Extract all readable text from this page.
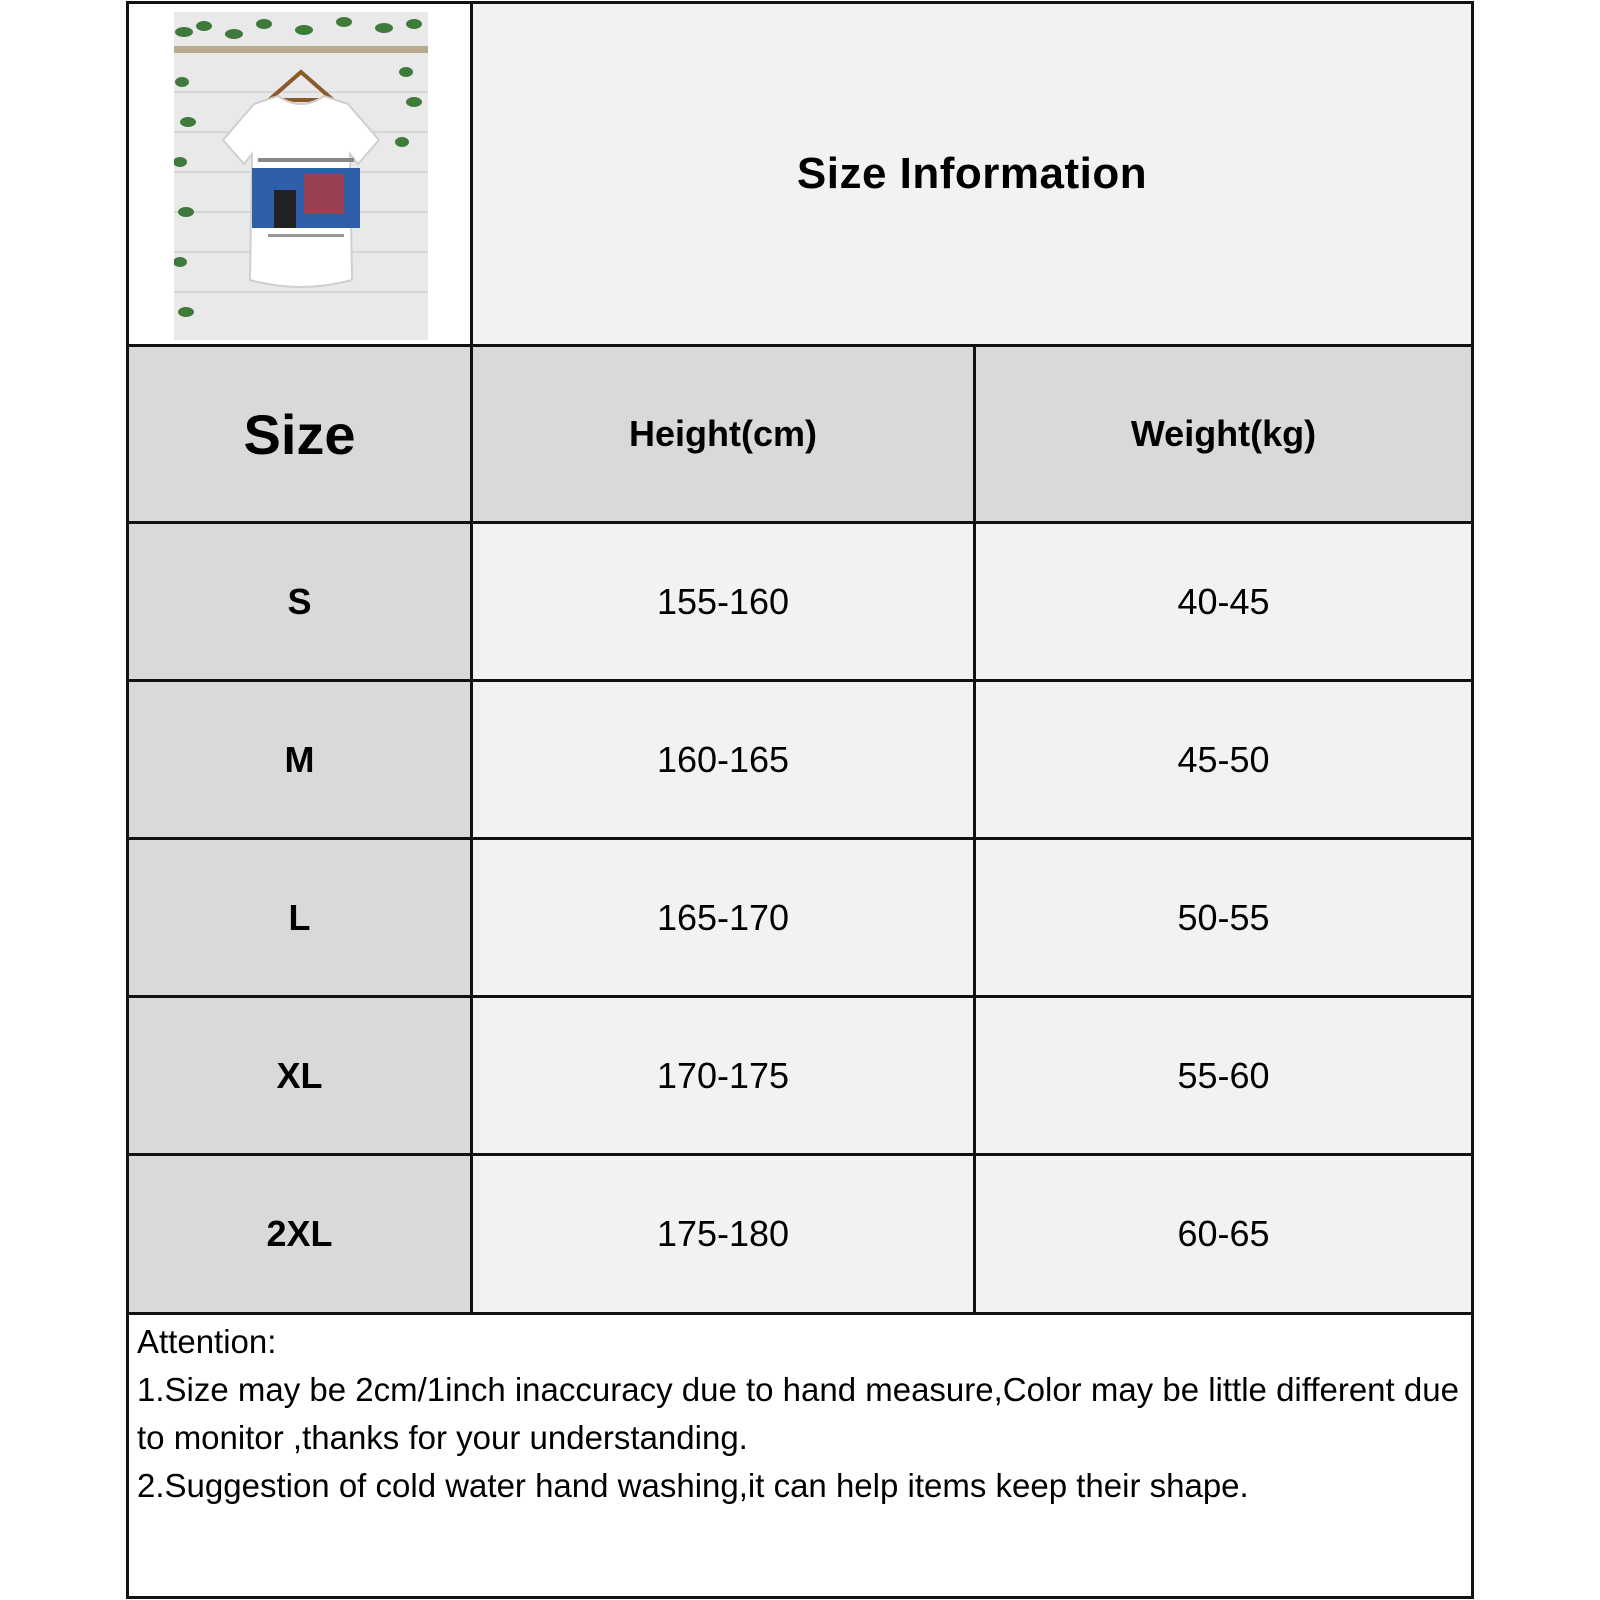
Size Information
Size	Height(cm)	Weight(kg)
S	155-160	40-45
M	160-165	45-50
L	165-170	50-55
XL	170-175	55-60
2XL	175-180	60-65

Attention:

1.Size may be 2cm/1inch inaccuracy due to hand measure,Color may be little different due to monitor ,thanks for your understanding.

2.Suggestion of cold water hand washing,it can help items keep their shape.
